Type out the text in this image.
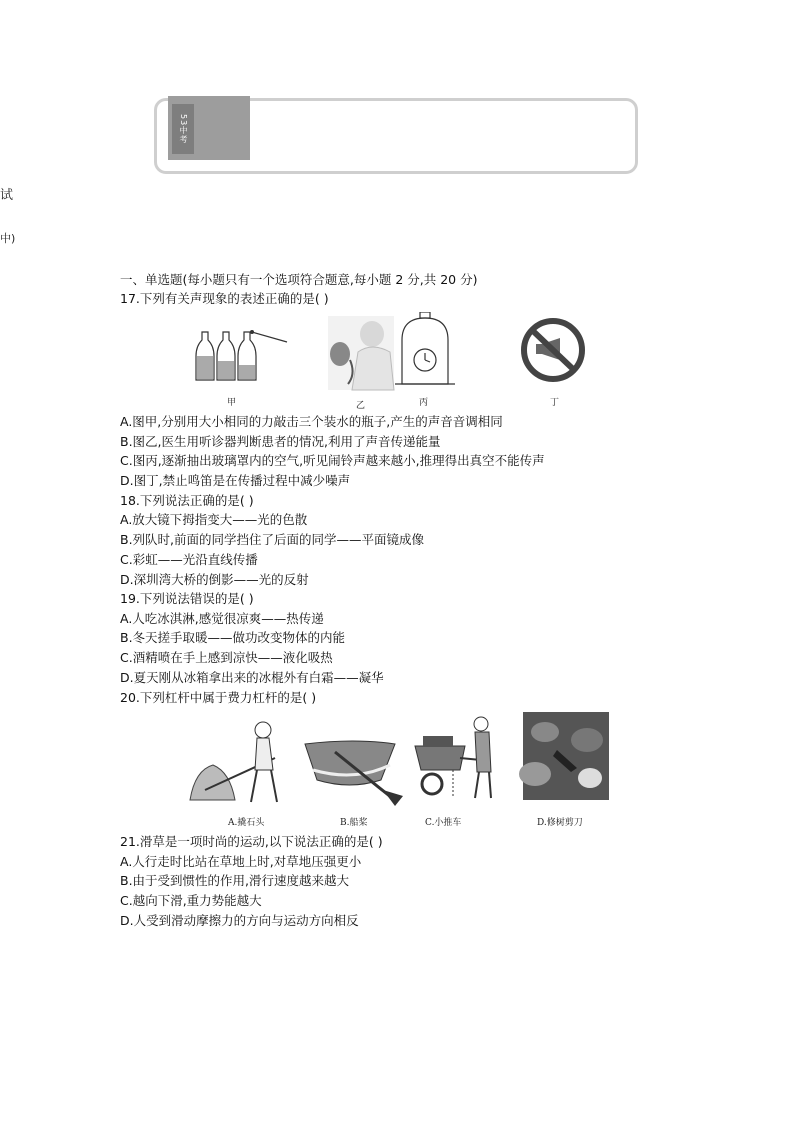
试
中)
53中考
一、单选题(每小题只有一个选项符合题意,每小题 2 分,共 20 分)
17.下列有关声现象的表述正确的是( )
甲	乙	丙	丁
A.图甲,分别用大小相同的力敲击三个装水的瓶子,产生的声音音调相同
B.图乙,医生用听诊器判断患者的情况,利用了声音传递能量
C.图丙,逐渐抽出玻璃罩内的空气,听见闹铃声越来越小,推理得出真空不能传声
D.图丁,禁止鸣笛是在传播过程中减少噪声
18.下列说法正确的是( )
A.放大镜下拇指变大——光的色散
B.列队时,前面的同学挡住了后面的同学——平面镜成像
C.彩虹——光沿直线传播
D.深圳湾大桥的倒影——光的反射
19.下列说法错误的是( )
A.人吃冰淇淋,感觉很凉爽——热传递
B.冬天搓手取暖——做功改变物体的内能
C.酒精喷在手上感到凉快——液化吸热
D.夏天刚从冰箱拿出来的冰棍外有白霜——凝华
20.下列杠杆中属于费力杠杆的是( )
A.撬石头	B.船桨	C.小推车	D.修树剪刀
21.滑草是一项时尚的运动,以下说法正确的是( )
A.人行走时比站在草地上时,对草地压强更小
B.由于受到惯性的作用,滑行速度越来越大
C.越向下滑,重力势能越大
D.人受到滑动摩擦力的方向与运动方向相反
